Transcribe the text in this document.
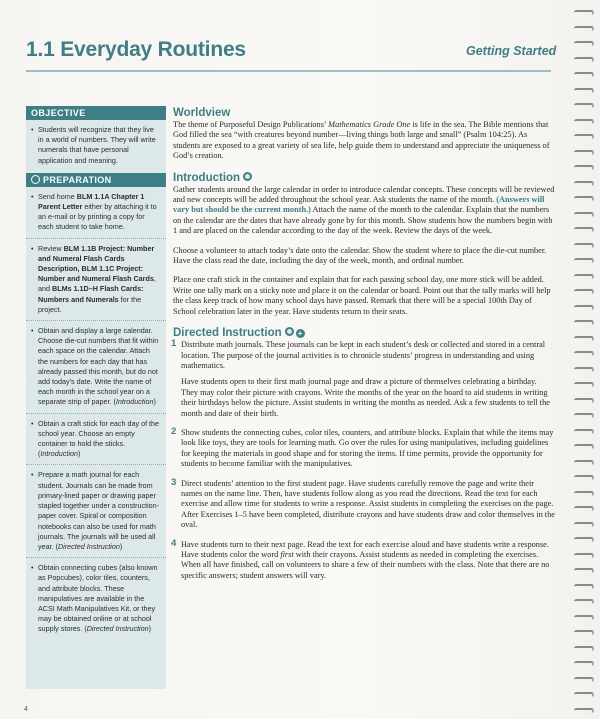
1.1 Everyday Routines	Getting Started
OBJECTIVE
• Students will recognize that they live in a world of numbers. They will write numerals that have personal application and meaning.
PREPARATION
• Send home BLM 1.1A Chapter 1 Parent Letter either by attaching it to an e-mail or by printing a copy for each student to take home.
• Review BLM 1.1B Project: Number and Numeral Flash Cards Description, BLM 1.1C Project: Number and Numeral Flash Cards, and BLMs 1.1D–H Flash Cards: Numbers and Numerals for the project.
• Obtain and display a large calendar. Choose die-cut numbers that fit within each space on the calendar. Attach the numbers for each day that has already passed this month, but do not add today’s date. Write the name of each month in the school year on a separate strip of paper. (Introduction)
• Obtain a craft stick for each day of the school year. Choose an empty container to hold the sticks. (Introduction)
• Prepare a math journal for each student. Journals can be made from primary-lined paper or drawing paper stapled together under a construction-paper cover. Spiral or composition notebooks can also be used for math journals. The journals will be used all year. (Directed Instruction)
• Obtain connecting cubes (also known as Popcubes), color tiles, counters, and attribute blocks. These manipulatives are available in the ACSI Math Manipulatives Kit, or they may be obtained online or at school supply stores. (Directed Instruction)
Worldview

The theme of Purposeful Design Publications’ Mathematics Grade One is life in the sea. The Bible mentions that God filled the sea “with creatures beyond number—living things both large and small” (Psalm 104:25). As students are exposed to a great variety of sea life, help guide them to understand and appreciate the uniqueness of God’s creation.

Introduction

Gather students around the large calendar in order to introduce calendar concepts. These concepts will be reviewed and new concepts will be added throughout the school year. Ask students the name of the month. (Answers will vary but should be the current month.) Attach the name of the month to the calendar. Explain that the numbers on the calendar are the dates that have already gone by for this month. Show students how the numbers begin with 1 and are placed on the calendar according to the day of the week. Review the days of the week.

Choose a volunteer to attach today’s date onto the calendar. Show the student where to place the die-cut number. Have the class read the date, including the day of the week, month, and ordinal number.

Place one craft stick in the container and explain that for each passing school day, one more stick will be added. Write one tally mark on a sticky note and place it on the calendar or board. Point out that the tally marks will help the class keep track of how many school days have passed. Remark that there will be a special 100th Day of School celebration later in the year. Have students return to their seats.

Directed Instruction +
1 Distribute math journals. These journals can be kept in each student’s desk or collected and stored in a central location. The purpose of the journal activities is to chronicle students’ progress in understanding and using mathematics.

Have students open to their first math journal page and draw a picture of themselves celebrating a birthday. They may color their picture with crayons. Write the months of the year on the board to aid students in writing their birthdays below the picture. Assist students in writing the months as needed. Ask a few students to tell the month and date of their birth.

2 Show students the connecting cubes, color tiles, counters, and attribute blocks. Explain that while the items may look like toys, they are tools for learning math. Go over the rules for using manipulatives, including guidelines for keeping the materials in good shape and for storing the items. If time permits, provide the opportunity for students to become familiar with the manipulatives.
3 Direct students’ attention to the first student page. Have students carefully remove the page and write their names on the name line. Then, have students follow along as you read the directions. Read the text for each exercise and allow time for students to write a response. Assist students in completing the exercises on the page. After Exercises 1–5 have been completed, distribute crayons and have students draw and color themselves in the oval.
4 Have students turn to their next page. Read the text for each exercise aloud and have students write a response. Have students color the word first with their crayons. Assist students as needed in completing the exercises. When all have finished, call on volunteers to share a few of their numbers with the class. Note that there are no specific answers; student answers will vary.
4
